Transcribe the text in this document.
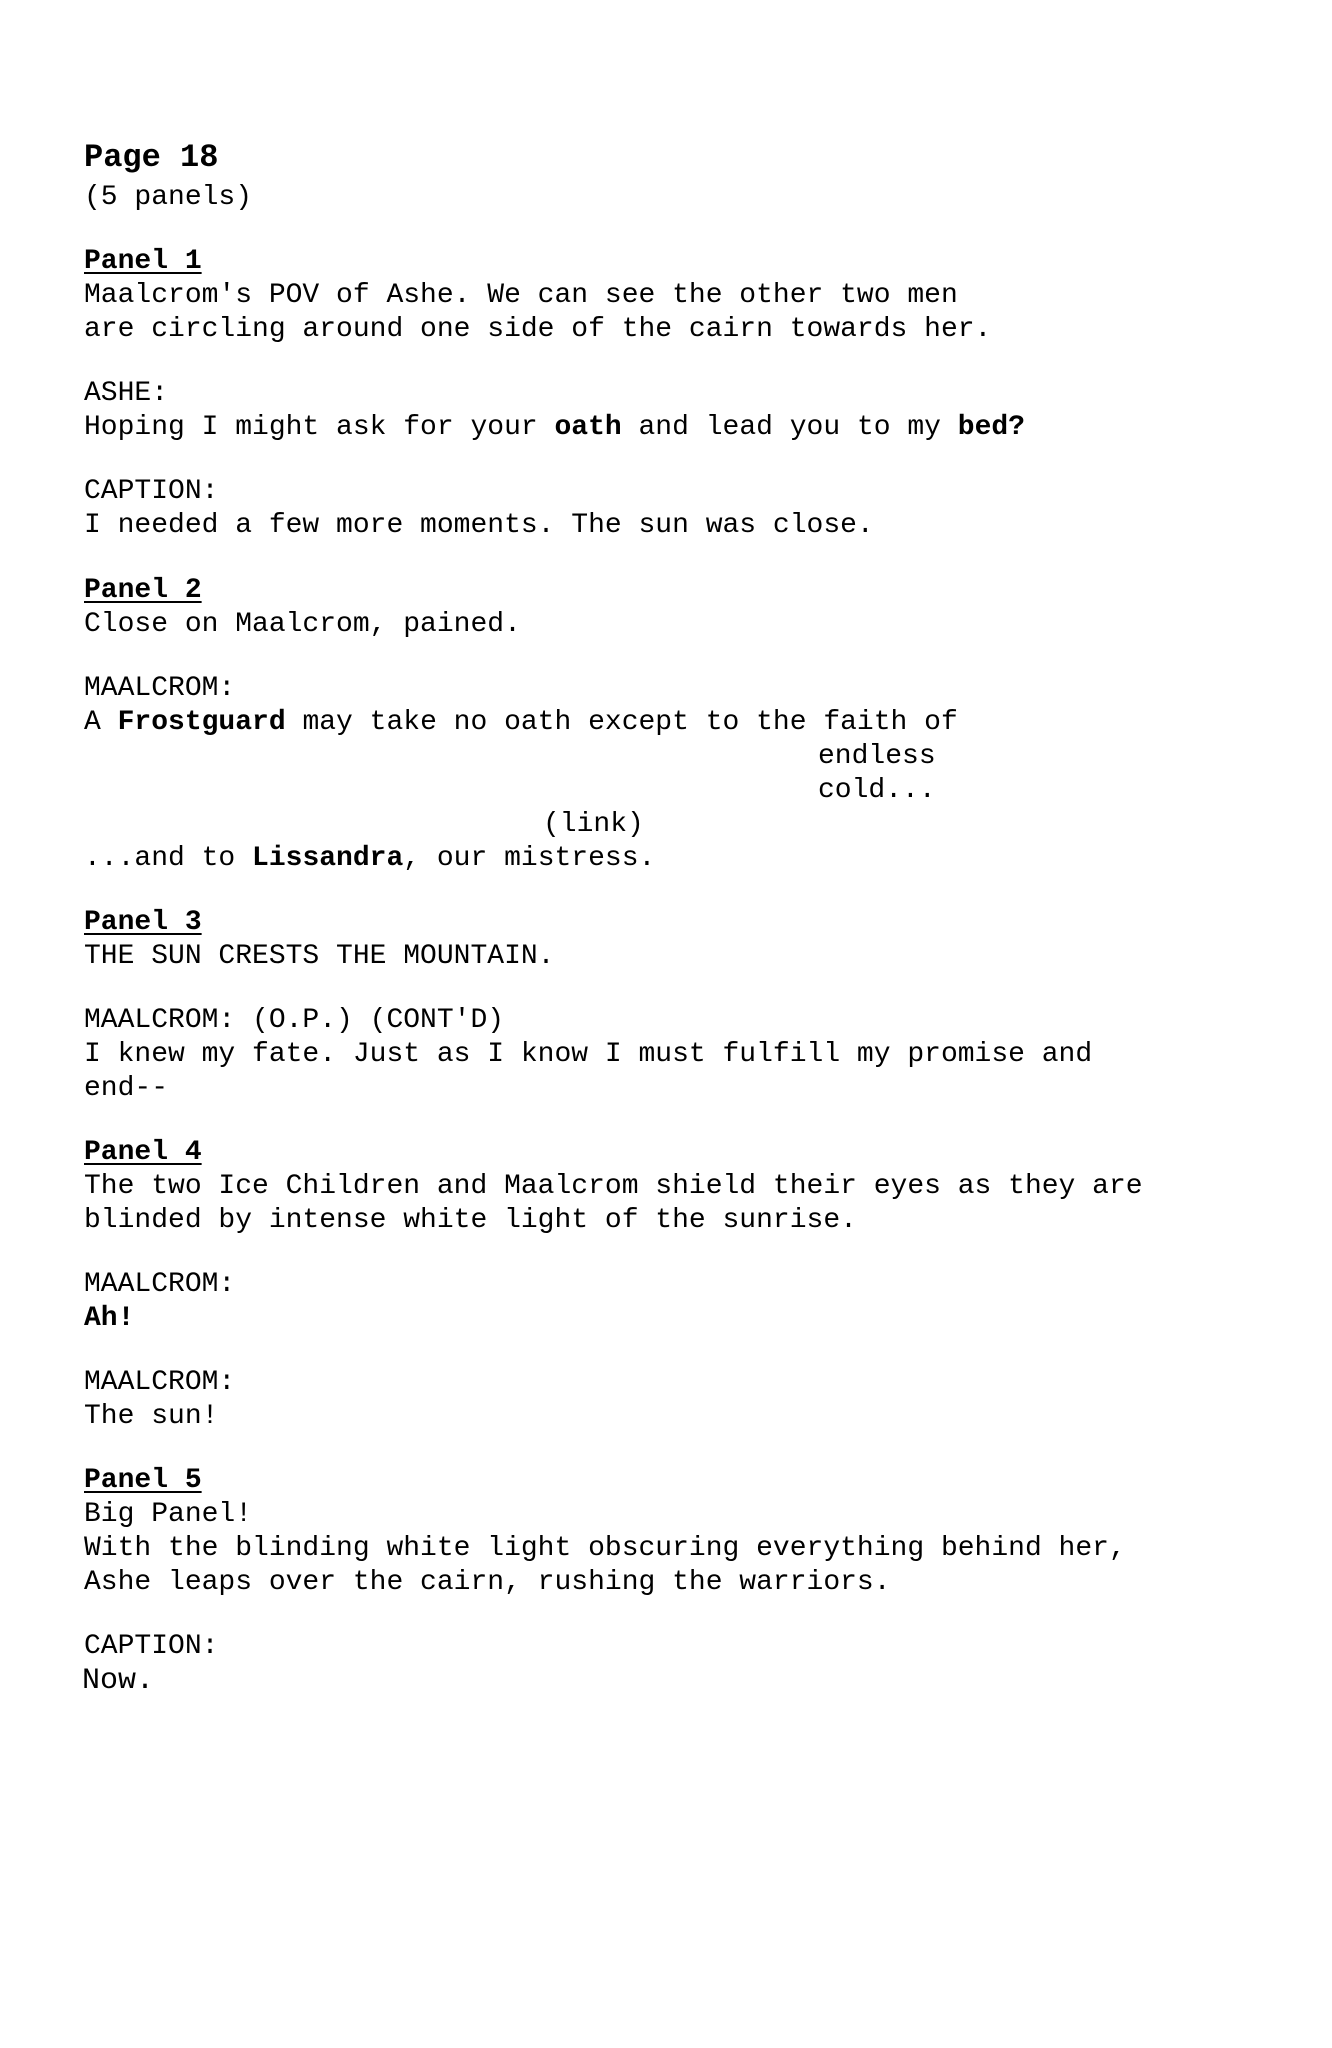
Page 18
(5 panels)
Panel 1
Maalcrom's POV of Ashe. We can see the other two men
are circling around one side of the cairn towards her.
ASHE:
Hoping I might ask for your oath and lead you to my bed?
CAPTION:
I needed a few more moments. The sun was close.
Panel 2
Close on Maalcrom, pained.
MAALCROM:
A Frostguard may take no oath except to the faith of
endless
cold...
(link)
...and to Lissandra, our mistress.
Panel 3
THE SUN CRESTS THE MOUNTAIN.
MAALCROM: (O.P.) (CONT'D)
I knew my fate. Just as I know I must fulfill my promise and
end--
Panel 4
The two Ice Children and Maalcrom shield their eyes as they are
blinded by intense white light of the sunrise.
MAALCROM:
Ah!
MAALCROM:
The sun!
Panel 5
Big Panel!
With the blinding white light obscuring everything behind her,
Ashe leaps over the cairn, rushing the warriors.
CAPTION:
Now.
